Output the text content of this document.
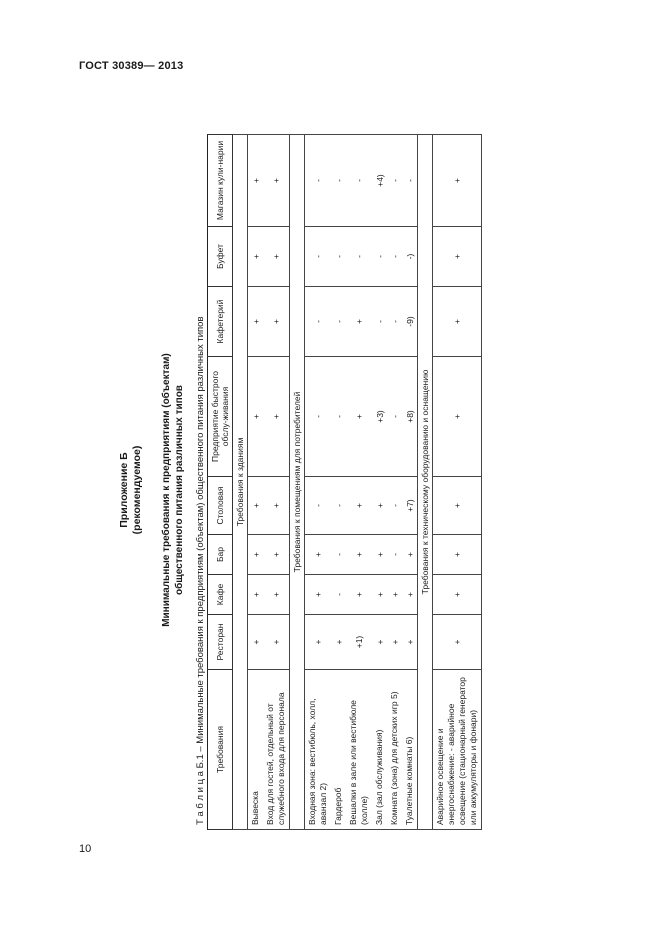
ГОСТ 30389— 2013
10
Приложение Б (рекомендуемое) Минимальные требования к предприятиям (объектам) общественного питания различных типов Т а б л и ц а Б.1 – Минимальные требования к предприятиям (объектам) общественного питания различных типов Требования	Ресторан	Кафе	Бар	Столовая	Предприятие быстрого обслу-живания	Кафетерий	Буфет	Магазин кули-нарии
Требования к зданиям								
Вывеска	+	+	+	+	+	+	+	+
Вход для гостей, отдельный от служебного входа для персонала	+	+	+	+	+	+	+	+
Требования к помещениям для потребителей								
Входная зона: вестибюль, холл, аванзал 2)	+	+	+	-	-	-	-	-
Гардероб	+	-	-	-	-	-	-	-
Вешалки в зале или вестибюле (холле)	+1)	+	+	+	+	+	-	-
Зал (зал обслуживания)	+	+	+	+	+3)	-	-	+4)
Комната (зона) для детских игр 5)	+	+	-	-	-	-	-	-
Туалетные комнаты 6)	+	+	+	+7)	+8)	-9)	-)	-
Требования к техническому оборудованию и оснащению								
Аварийное освещение и энергоснабжение: - аварийное освещение (стационарный генератор или аккумуляторы и фонари)	+	+	+	+	+	+	+	+
